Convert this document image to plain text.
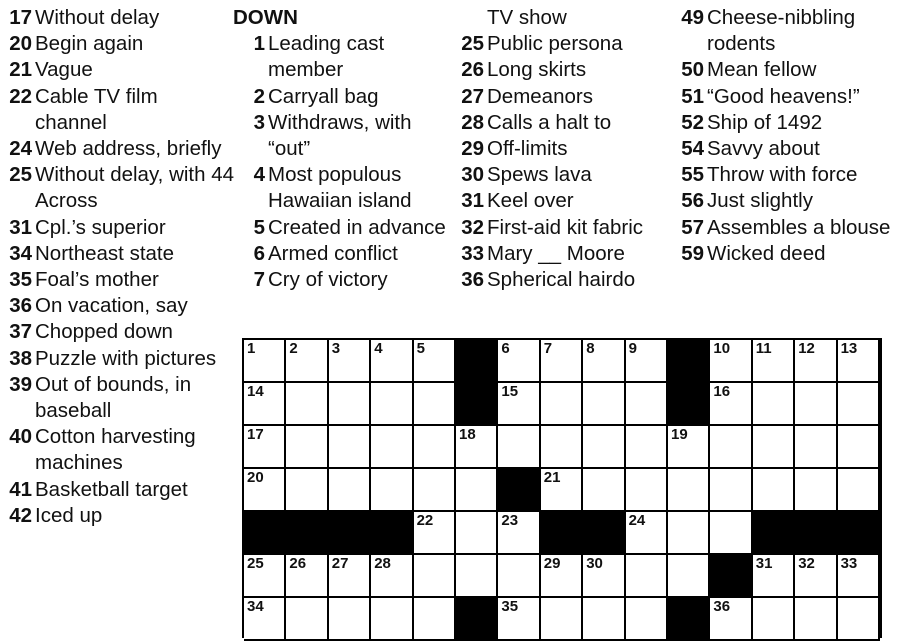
17 Without delay
20 Begin again
21 Vague
22 Cable TV film channel
24 Web address, briefly
25 Without delay, with 44 Across
31 Cpl.’s superior
34 Northeast state
35 Foal’s mother
36 On vacation, say
37 Chopped down
38 Puzzle with pictures
39 Out of bounds, in baseball
40 Cotton harvesting machines
41 Basketball target
42 Iced up
DOWN
1 Leading cast member
2 Carryall bag
3 Withdraws, with “out”
4 Most populous Hawaiian island
5 Created in advance
6 Armed conflict
7 Cry of victory
TV show
25 Public persona
26 Long skirts
27 Demeanors
28 Calls a halt to
29 Off-limits
30 Spews lava
31 Keel over
32 First-aid kit fabric
33 Mary __ Moore
36 Spherical hairdo
49 Cheese-nibbling rodents
50 Mean fellow
51 “Good heavens!”
52 Ship of 1492
54 Savvy about
55 Throw with force
56 Just slightly
57 Assembles a blouse
59 Wicked deed
1 2 3 4 5	6 7 8 9	10 11 12 13
14	15	16
17	18	19
20	21
22	23	24
25 26 27 28	29 30	31 32 33
34	35	36
